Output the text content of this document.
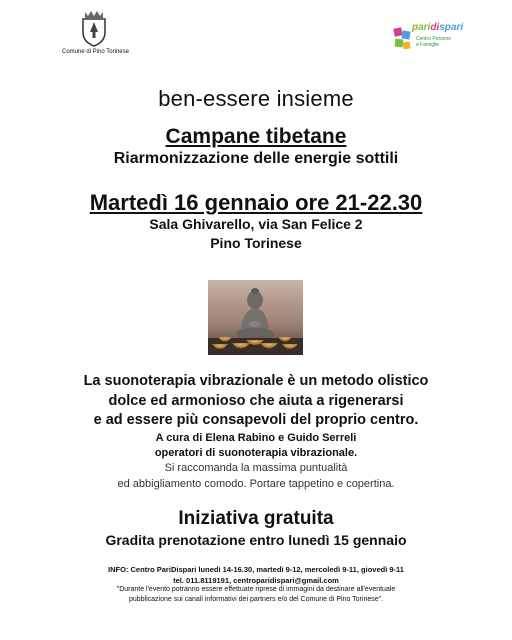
Comune di Pino Torinese
paridispari
Centro Persone
e Famiglie
ben-essere insieme
Campane tibetane
Riarmonizzazione delle energie sottili
Martedì 16 gennaio ore 21-22.30
Sala Ghivarello, via San Felice 2
Pino Torinese
La suonoterapia vibrazionale è un metodo olistico
dolce ed armonioso che aiuta a rigenerarsi
e ad essere più consapevoli del proprio centro.
A cura di Elena Rabino e Guido Serreli
operatori di suonoterapia vibrazionale.
Si raccomanda la massima puntualità
ed abbigliamento comodo. Portare tappetino e copertina.
Iniziativa gratuita
Gradita prenotazione entro lunedì 15 gennaio
INFO: Centro PariDispari lunedì 14-16.30, martedì 9-12, mercoledì 9-11, giovedì 9-11
tel. 011.8119191, centroparidispari@gmail.com
"Durante l'evento potranno essere effettuate riprese di immagini da destinare all'eventuale
pubblicazione sui canali informativi dei partners e/o del Comune di Pino Torinese".
